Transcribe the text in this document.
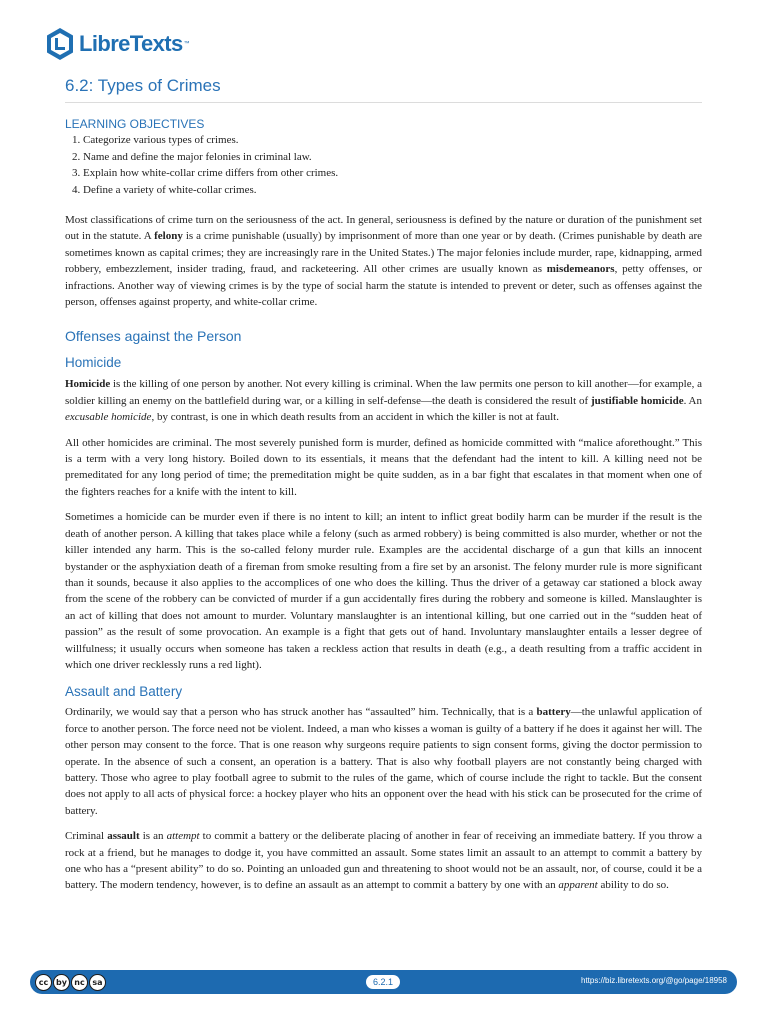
LibreTexts ™
6.2: Types of Crimes
LEARNING OBJECTIVES
1. Categorize various types of crimes.
2. Name and define the major felonies in criminal law.
3. Explain how white-collar crime differs from other crimes.
4. Define a variety of white-collar crimes.

Most classifications of crime turn on the seriousness of the act. In general, seriousness is defined by the nature or duration of the punishment set out in the statute. A felony is a crime punishable (usually) by imprisonment of more than one year or by death. (Crimes punishable by death are sometimes known as capital crimes; they are increasingly rare in the United States.) The major felonies include murder, rape, kidnapping, armed robbery, embezzlement, insider trading, fraud, and racketeering. All other crimes are usually known as misdemeanors, petty offenses, or infractions. Another way of viewing crimes is by the type of social harm the statute is intended to prevent or deter, such as offenses against the person, offenses against property, and white-collar crime.

Offenses against the Person
Homicide

Homicide is the killing of one person by another. Not every killing is criminal. When the law permits one person to kill another—for example, a soldier killing an enemy on the battlefield during war, or a killing in self-defense—the death is considered the result of justifiable homicide. An excusable homicide, by contrast, is one in which death results from an accident in which the killer is not at fault.

All other homicides are criminal. The most severely punished form is murder, defined as homicide committed with “malice aforethought.” This is a term with a very long history. Boiled down to its essentials, it means that the defendant had the intent to kill. A killing need not be premeditated for any long period of time; the premeditation might be quite sudden, as in a bar fight that escalates in that moment when one of the fighters reaches for a knife with the intent to kill.

Sometimes a homicide can be murder even if there is no intent to kill; an intent to inflict great bodily harm can be murder if the result is the death of another person. A killing that takes place while a felony (such as armed robbery) is being committed is also murder, whether or not the killer intended any harm. This is the so-called felony murder rule. Examples are the accidental discharge of a gun that kills an innocent bystander or the asphyxiation death of a fireman from smoke resulting from a fire set by an arsonist. The felony murder rule is more significant than it sounds, because it also applies to the accomplices of one who does the killing. Thus the driver of a getaway car stationed a block away from the scene of the robbery can be convicted of murder if a gun accidentally fires during the robbery and someone is killed. Manslaughter is an act of killing that does not amount to murder. Voluntary manslaughter is an intentional killing, but one carried out in the “sudden heat of passion” as the result of some provocation. An example is a fight that gets out of hand. Involuntary manslaughter entails a lesser degree of willfulness; it usually occurs when someone has taken a reckless action that results in death (e.g., a death resulting from a traffic accident in which one driver recklessly runs a red light).

Assault and Battery

Ordinarily, we would say that a person who has struck another has “assaulted” him. Technically, that is a battery—the unlawful application of force to another person. The force need not be violent. Indeed, a man who kisses a woman is guilty of a battery if he does it against her will. The other person may consent to the force. That is one reason why surgeons require patients to sign consent forms, giving the doctor permission to operate. In the absence of such a consent, an operation is a battery. That is also why football players are not constantly being charged with battery. Those who agree to play football agree to submit to the rules of the game, which of course include the right to tackle. But the consent does not apply to all acts of physical force: a hockey player who hits an opponent over the head with his stick can be prosecuted for the crime of battery.

Criminal assault is an attempt to commit a battery or the deliberate placing of another in fear of receiving an immediate battery. If you throw a rock at a friend, but he manages to dodge it, you have committed an assault. Some states limit an assault to an attempt to commit a battery by one who has a “present ability” to do so. Pointing an unloaded gun and threatening to shoot would not be an assault, nor, of course, could it be a battery. The modern tendency, however, is to define an assault as an attempt to commit a battery by one with an apparent ability to do so.

cc by nc sa	6.2.1	https://biz.libretexts.org/@go/page/18958
